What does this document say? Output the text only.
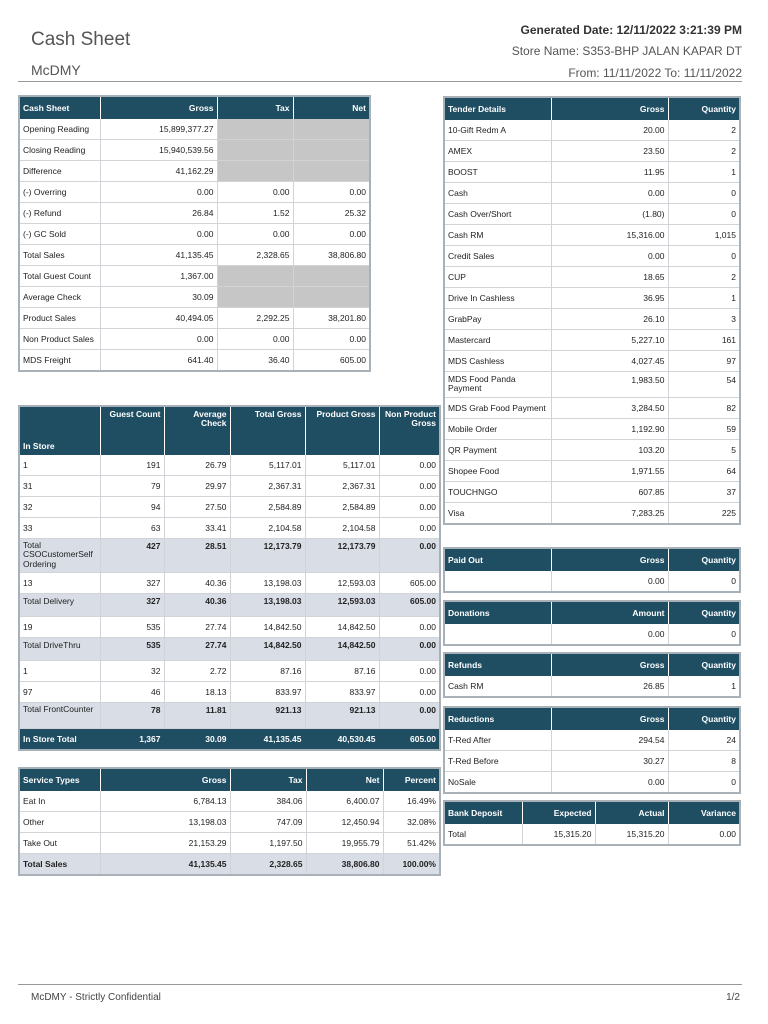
Cash Sheet
McDMY
Generated Date: 12/11/2022 3:21:39 PM
Store Name: S353-BHP JALAN KAPAR DT
From: 11/11/2022 To: 11/11/2022
Cash Sheet	Gross	Tax	Net
Opening Reading	15,899,377.27		
Closing Reading	15,940,539.56		
Difference	41,162.29		
(-) Overring	0.00	0.00	0.00
(-) Refund	26.84	1.52	25.32
(-) GC Sold	0.00	0.00	0.00
Total Sales	41,135.45	2,328.65	38,806.80
Total Guest Count	1,367.00		
Average Check	30.09		
Product Sales	40,494.05	2,292.25	38,201.80
Non Product Sales	0.00	0.00	0.00
MDS Freight	641.40	36.40	605.00
In Store	Guest Count	Average Check	Total Gross	Product Gross	Non Product Gross
1	191	26.79	5,117.01	5,117.01	0.00
31	79	29.97	2,367.31	2,367.31	0.00
32	94	27.50	2,584.89	2,584.89	0.00
33	63	33.41	2,104.58	2,104.58	0.00
Total CSOCustomerSelf Ordering	427	28.51	12,173.79	12,173.79	0.00
13	327	40.36	13,198.03	12,593.03	605.00
Total Delivery	327	40.36	13,198.03	12,593.03	605.00
19	535	27.74	14,842.50	14,842.50	0.00
Total DriveThru	535	27.74	14,842.50	14,842.50	0.00
1	32	2.72	87.16	87.16	0.00
97	46	18.13	833.97	833.97	0.00
Total FrontCounter	78	11.81	921.13	921.13	0.00
In Store Total	1,367	30.09	41,135.45	40,530.45	605.00
Service Types	Gross	Tax	Net	Percent
Eat In	6,784.13	384.06	6,400.07	16.49%
Other	13,198.03	747.09	12,450.94	32.08%
Take Out	21,153.29	1,197.50	19,955.79	51.42%
Total Sales	41,135.45	2,328.65	38,806.80	100.00%
Tender Details	Gross	Quantity
10-Gift Redm A	20.00	2
AMEX	23.50	2
BOOST	11.95	1
Cash	0.00	0
Cash Over/Short	(1.80)	0
Cash RM	15,316.00	1,015
Credit Sales	0.00	0
CUP	18.65	2
Drive In Cashless	36.95	1
GrabPay	26.10	3
Mastercard	5,227.10	161
MDS Cashless	4,027.45	97
MDS Food Panda Payment	1,983.50	54
MDS Grab Food Payment	3,284.50	82
Mobile Order	1,192.90	59
QR Payment	103.20	5
Shopee Food	1,971.55	64
TOUCHNGO	607.85	37
Visa	7,283.25	225
Paid Out	Gross	Quantity
	0.00	0
Donations	Amount	Quantity
	0.00	0
Refunds	Gross	Quantity
Cash RM	26.85	1
Reductions	Gross	Quantity
T-Red After	294.54	24
T-Red Before	30.27	8
NoSale	0.00	0
Bank Deposit	Expected	Actual	Variance
Total	15,315.20	15,315.20	0.00
McDMY - Strictly Confidential	1/2
